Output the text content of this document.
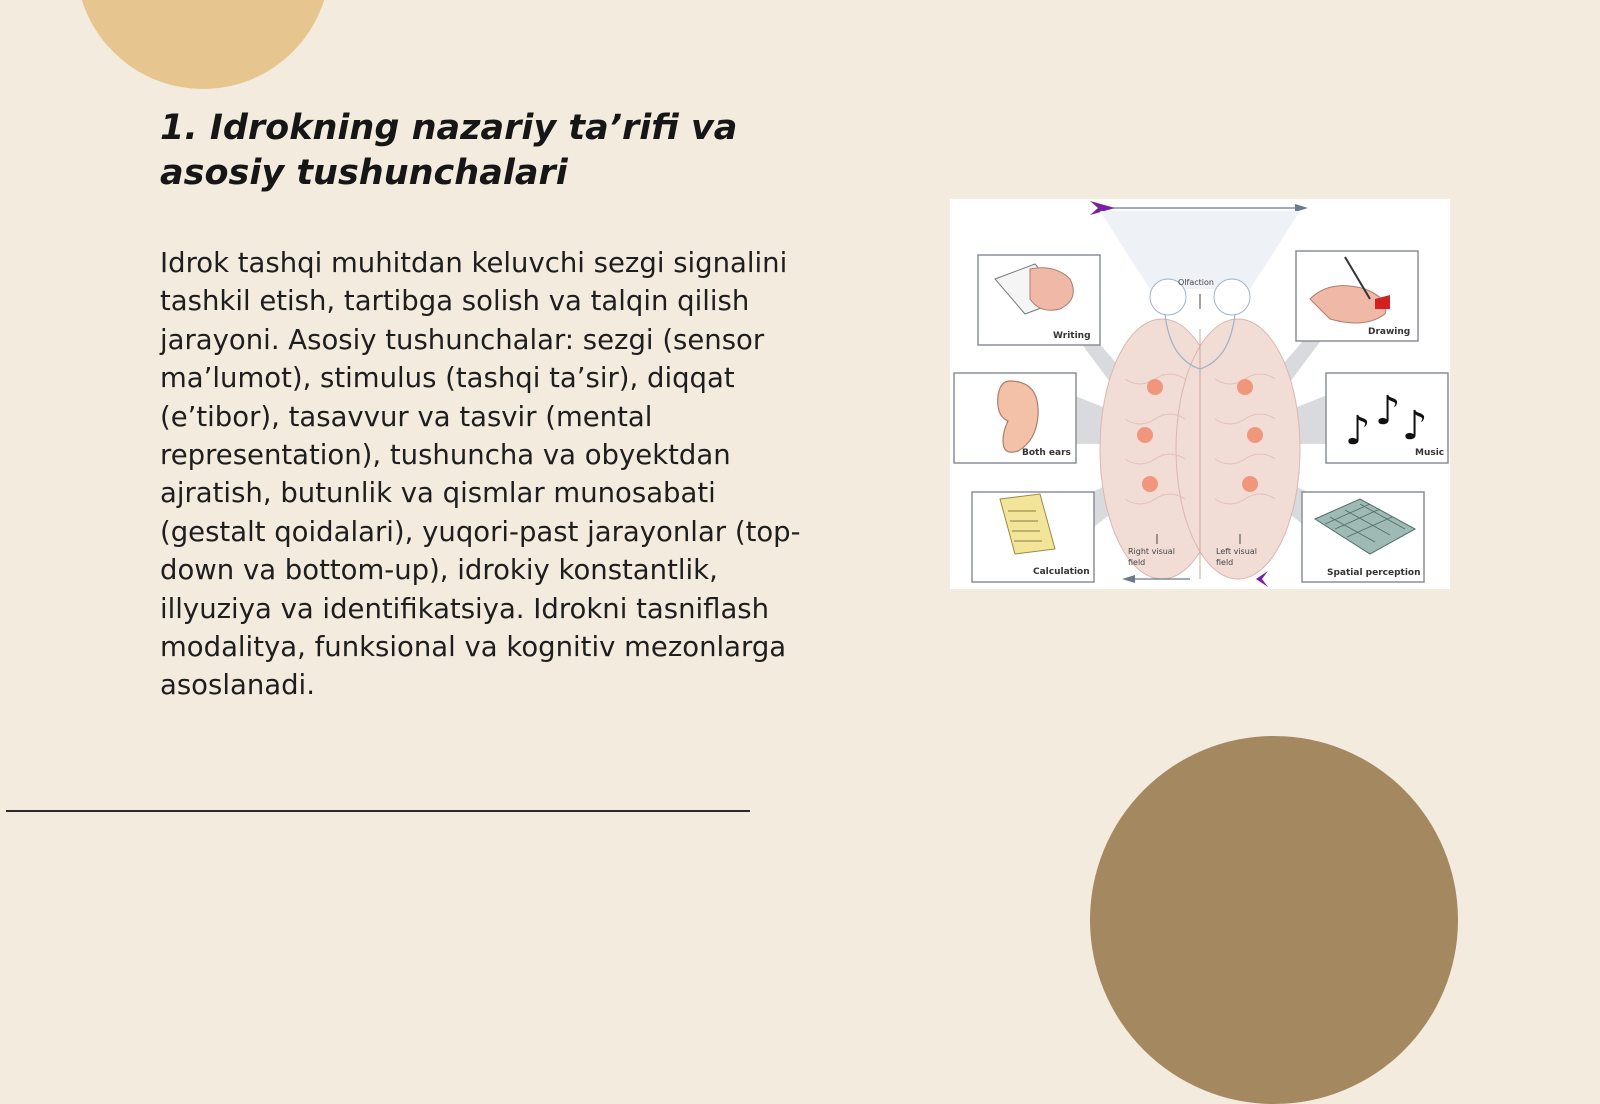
1. Idrokning nazariy ta’rifi va asosiy tushunchalari

Idrok tashqi muhitdan keluvchi sezgi signalini tashkil etish, tartibga solish va talqin qilish jarayoni. Asosiy tushunchalar: sezgi (sensor ma’lumot), stimulus (tashqi ta’sir), diqqat (e’tibor), tasavvur va tasvir (mental representation), tushuncha va obyektdan ajratish, butunlik va qismlar munosabati (gestalt qoidalari), yuqori-past jarayonlar (top-down va bottom-up), idrokiy konstantlik, illyuziya va identifikatsiya. Idrokni tasniflash modalitya, funksional va kognitiv mezonlarga asoslanadi.

Writing	Drawing
Both ears	♪ ♪ ♪
Music
Calculation	Spatial perception
Olfaction
Right visual
field
Left visual
field
